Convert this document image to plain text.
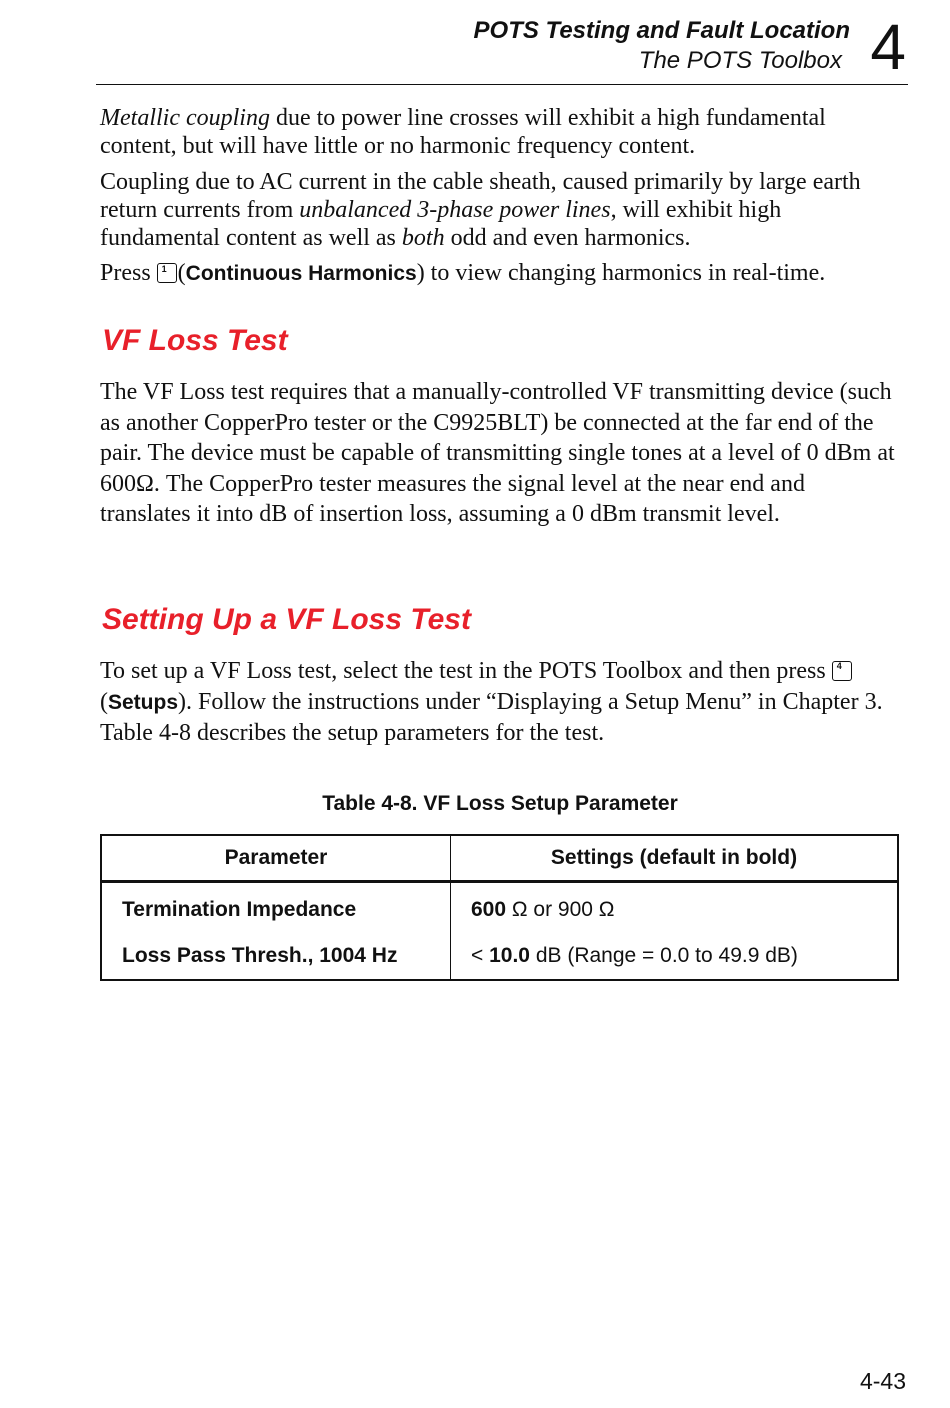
POTS Testing and Fault Location
The POTS Toolbox 4

Metallic coupling due to power line crosses will exhibit a high fundamental content, but will have little or no harmonic frequency content.

Coupling due to AC current in the cable sheath, caused primarily by large earth return currents from unbalanced 3-phase power lines, will exhibit high fundamental content as well as both odd and even harmonics.

Press 1 (Continuous Harmonics) to view changing harmonics in real-time.

VF Loss Test

The VF Loss test requires that a manually-controlled VF transmitting device (such as another CopperPro tester or the C9925BLT) be connected at the far end of the pair. The device must be capable of transmitting single tones at a level of 0 dBm at 600Ω. The CopperPro tester measures the signal level at the near end and translates it into dB of insertion loss, assuming a 0 dBm transmit level.

Setting Up a VF Loss Test

To set up a VF Loss test, select the test in the POTS Toolbox and then press 4
(Setups). Follow the instructions under “Displaying a Setup Menu” in Chapter 3. Table 4-8 describes the setup parameters for the test.

Table 4-8. VF Loss Setup Parameter
Parameter	Settings (default in bold)
Termination Impedance	600 Ω or 900 Ω
Loss Pass Thresh., 1004 Hz	< 10.0 dB (Range = 0.0 to 49.9 dB)
4-43
